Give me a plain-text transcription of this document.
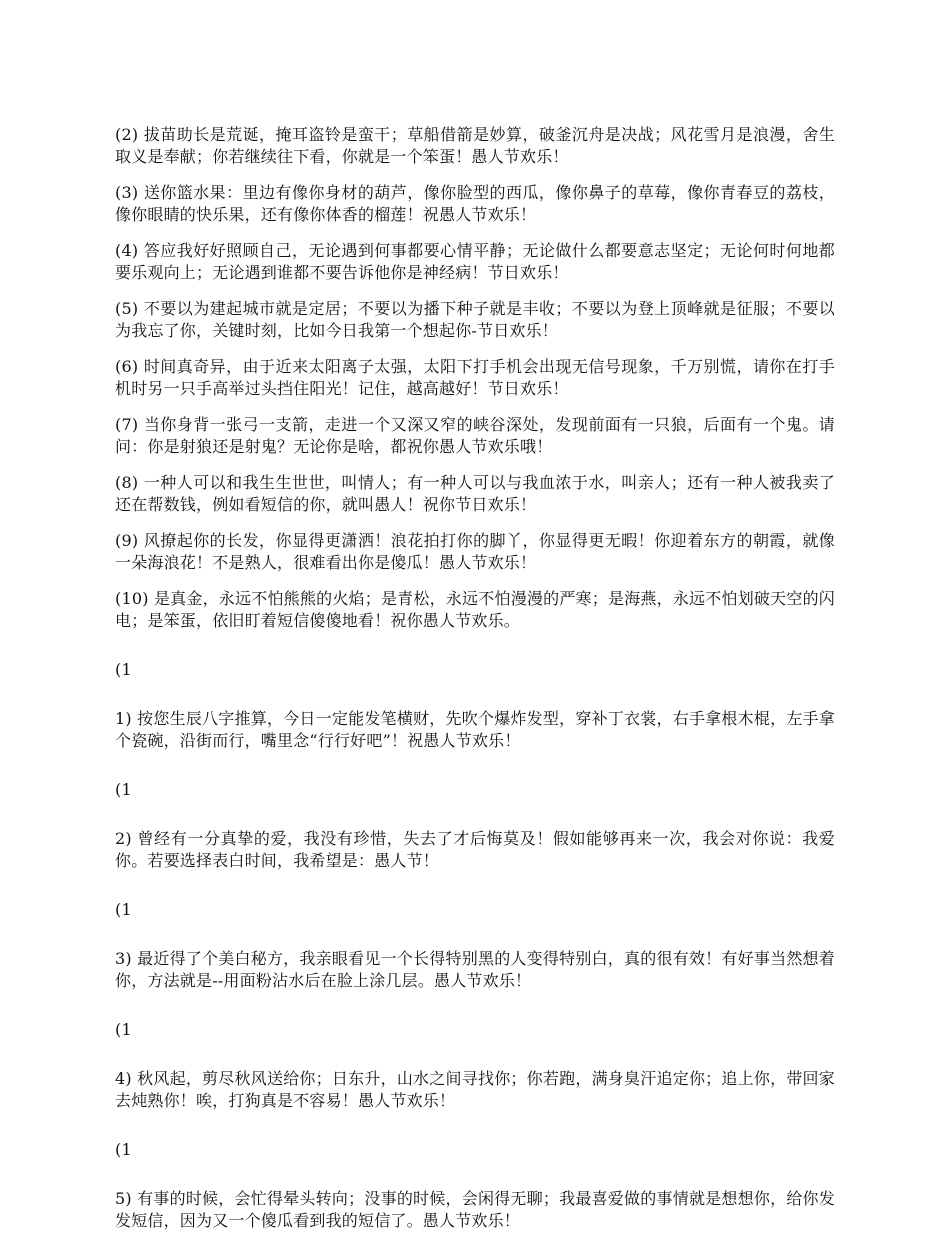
(2) 拔苗助长是荒诞，掩耳盗铃是蛮干；草船借箭是妙算，破釜沉舟是决战；风花雪月是浪漫，舍生取义是奉献；你若继续往下看，你就是一个笨蛋！愚人节欢乐！

(3) 送你篮水果：里边有像你身材的葫芦，像你脸型的西瓜，像你鼻子的草莓，像你青春豆的荔枝，像你眼睛的快乐果，还有像你体香的榴莲！祝愚人节欢乐！

(4) 答应我好好照顾自己，无论遇到何事都要心情平静；无论做什么都要意志坚定；无论何时何地都要乐观向上；无论遇到谁都不要告诉他你是神经病！节日欢乐！

(5) 不要以为建起城市就是定居；不要以为播下种子就是丰收；不要以为登上顶峰就是征服；不要以为我忘了你，关键时刻，比如今日我第一个想起你-节日欢乐！

(6) 时间真奇异，由于近来太阳离子太强，太阳下打手机会出现无信号现象，千万别慌，请你在打手机时另一只手高举过头挡住阳光！记住，越高越好！节日欢乐！

(7) 当你身背一张弓一支箭，走进一个又深又窄的峡谷深处，发现前面有一只狼，后面有一个鬼。请问：你是射狼还是射鬼？无论你是啥，都祝你愚人节欢乐哦！

(8) 一种人可以和我生生世世，叫情人；有一种人可以与我血浓于水，叫亲人；还有一种人被我卖了还在帮数钱，例如看短信的你，就叫愚人！祝你节日欢乐！

(9) 风撩起你的长发，你显得更潇洒！浪花拍打你的脚丫，你显得更无暇！你迎着东方的朝霞，就像一朵海浪花！不是熟人，很难看出你是傻瓜！愚人节欢乐！

(10) 是真金，永远不怕熊熊的火焰；是青松，永远不怕漫漫的严寒；是海燕，永远不怕划破天空的闪电；是笨蛋，依旧盯着短信傻傻地看！祝你愚人节欢乐。

(1

1) 按您生辰八字推算，今日一定能发笔横财，先吹个爆炸发型，穿补丁衣裳，右手拿根木棍，左手拿个瓷碗，沿街而行，嘴里念“行行好吧”！祝愚人节欢乐！

(1

2) 曾经有一分真挚的爱，我没有珍惜，失去了才后悔莫及！假如能够再来一次，我会对你说：我爱你。若要选择表白时间，我希望是：愚人节！

(1

3) 最近得了个美白秘方，我亲眼看见一个长得特别黑的人变得特别白，真的很有效！有好事当然想着你，方法就是--用面粉沾水后在脸上涂几层。愚人节欢乐！

(1

4) 秋风起，剪尽秋风送给你；日东升，山水之间寻找你；你若跑，满身臭汗追定你；追上你，带回家去炖熟你！唉，打狗真是不容易！愚人节欢乐！

(1

5) 有事的时候，会忙得晕头转向；没事的时候，会闲得无聊；我最喜爱做的事情就是想想你，给你发发短信，因为又一个傻瓜看到我的短信了。愚人节欢乐！
